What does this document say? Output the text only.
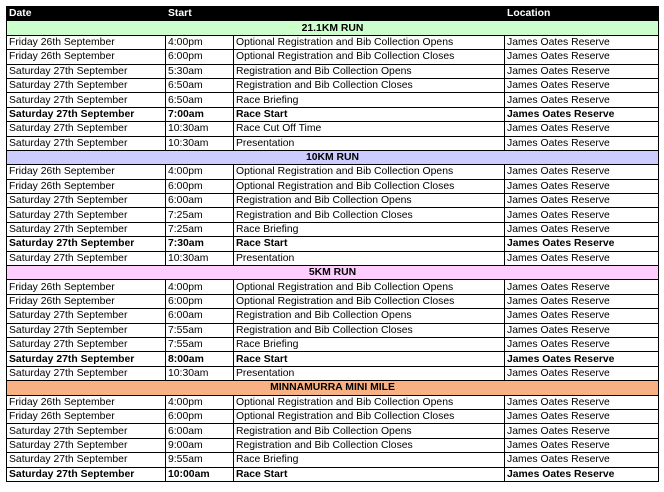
Date	Start		Location
21.1KM RUN			
Friday 26th September	4:00pm	Optional Registration and Bib Collection Opens	James Oates Reserve
Friday 26th September	6:00pm	Optional Registration and Bib Collection Closes	James Oates Reserve
Saturday 27th September	5:30am	Registration and Bib Collection Opens	James Oates Reserve
Saturday 27th September	6:50am	Registration and Bib Collection Closes	James Oates Reserve
Saturday 27th September	6:50am	Race Briefing	James Oates Reserve
Saturday 27th September	7:00am	Race Start	James Oates Reserve
Saturday 27th September	10:30am	Race Cut Off Time	James Oates Reserve
Saturday 27th September	10:30am	Presentation	James Oates Reserve
10KM RUN			
Friday 26th September	4:00pm	Optional Registration and Bib Collection Opens	James Oates Reserve
Friday 26th September	6:00pm	Optional Registration and Bib Collection Closes	James Oates Reserve
Saturday 27th September	6:00am	Registration and Bib Collection Opens	James Oates Reserve
Saturday 27th September	7:25am	Registration and Bib Collection Closes	James Oates Reserve
Saturday 27th September	7:25am	Race Briefing	James Oates Reserve
Saturday 27th September	7:30am	Race Start	James Oates Reserve
Saturday 27th September	10:30am	Presentation	James Oates Reserve
5KM RUN			
Friday 26th September	4:00pm	Optional Registration and Bib Collection Opens	James Oates Reserve
Friday 26th September	6:00pm	Optional Registration and Bib Collection Closes	James Oates Reserve
Saturday 27th September	6:00am	Registration and Bib Collection Opens	James Oates Reserve
Saturday 27th September	7:55am	Registration and Bib Collection Closes	James Oates Reserve
Saturday 27th September	7:55am	Race Briefing	James Oates Reserve
Saturday 27th September	8:00am	Race Start	James Oates Reserve
Saturday 27th September	10:30am	Presentation	James Oates Reserve
MINNAMURRA MINI MILE			
Friday 26th September	4:00pm	Optional Registration and Bib Collection Opens	James Oates Reserve
Friday 26th September	6:00pm	Optional Registration and Bib Collection Closes	James Oates Reserve
Saturday 27th September	6:00am	Registration and Bib Collection Opens	James Oates Reserve
Saturday 27th September	9:00am	Registration and Bib Collection Closes	James Oates Reserve
Saturday 27th September	9:55am	Race Briefing	James Oates Reserve
Saturday 27th September	10:00am	Race Start	James Oates Reserve
